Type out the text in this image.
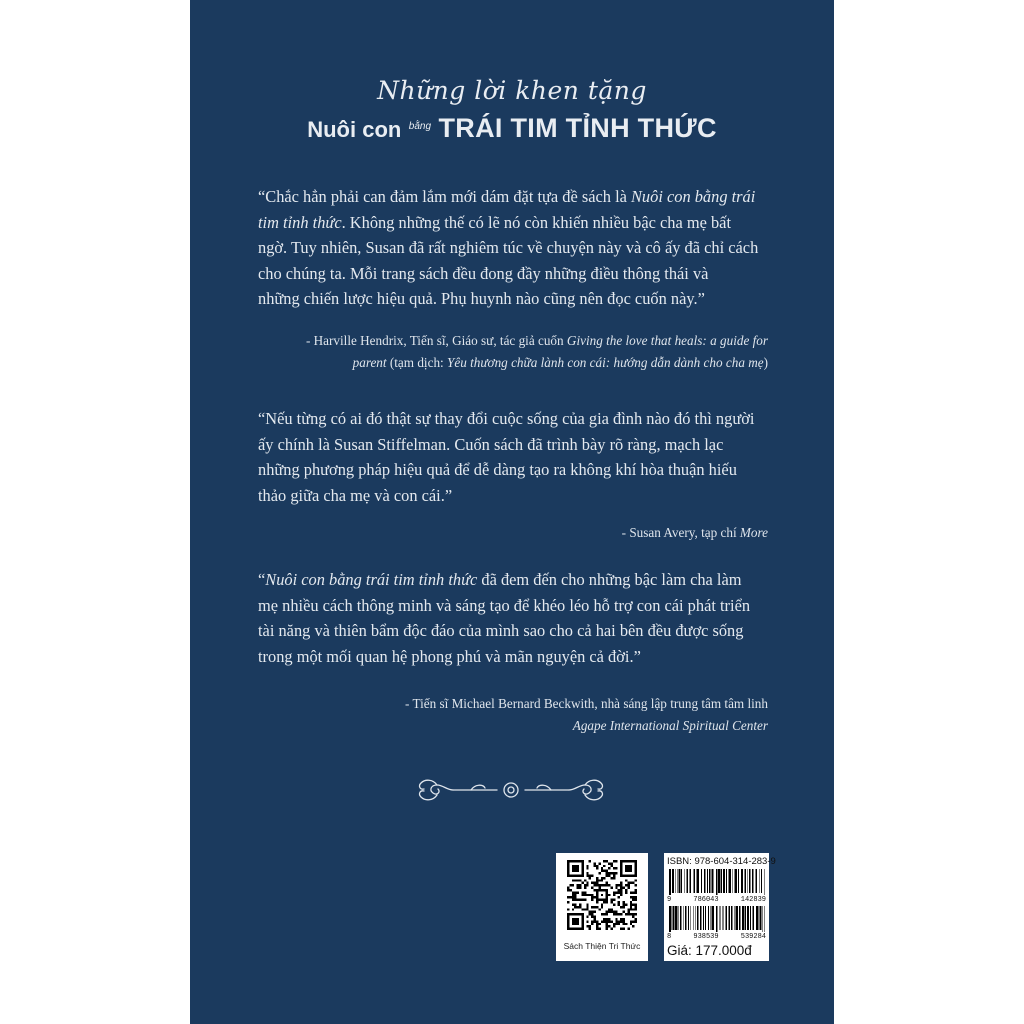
Những lời khen tặng
Nuôi con $^{bằng}$ TRÁI TIM TỈNH THỨC
“Chắc hẳn phải can đảm lắm mới dám đặt tựa đề sách là Nuôi con bằng trái
tim tỉnh thức. Không những thế có lẽ nó còn khiến nhiều bậc cha mẹ bất
ngờ. Tuy nhiên, Susan đã rất nghiêm túc về chuyện này và cô ấy đã chỉ cách
cho chúng ta. Mỗi trang sách đều đong đầy những điều thông thái và
những chiến lược hiệu quả. Phụ huynh nào cũng nên đọc cuốn này.”
- Harville Hendrix, Tiến sĩ, Giáo sư, tác giả cuốn Giving the love that heals: a guide for
parent (tạm dịch: Yêu thương chữa lành con cái: hướng dẫn dành cho cha mẹ)
“Nếu từng có ai đó thật sự thay đổi cuộc sống của gia đình nào đó thì người
ấy chính là Susan Stiffelman. Cuốn sách đã trình bày rõ ràng, mạch lạc
những phương pháp hiệu quả để dễ dàng tạo ra không khí hòa thuận hiếu
thảo giữa cha mẹ và con cái.”
- Susan Avery, tạp chí More
“Nuôi con bằng trái tim tỉnh thức đã đem đến cho những bậc làm cha làm
mẹ nhiều cách thông minh và sáng tạo để khéo léo hỗ trợ con cái phát triển
tài năng và thiên bẩm độc đáo của mình sao cho cả hai bên đều được sống
trong một mối quan hệ phong phú và mãn nguyện cả đời.”
- Tiến sĩ Michael Bernard Beckwith, nhà sáng lập trung tâm tâm linh
Agape International Spiritual Center
Sách Thiện Tri Thức
ISBN: 978-604-314-283-9
9	786043	142839
8	938539	539284
Giá: 177.000đ
